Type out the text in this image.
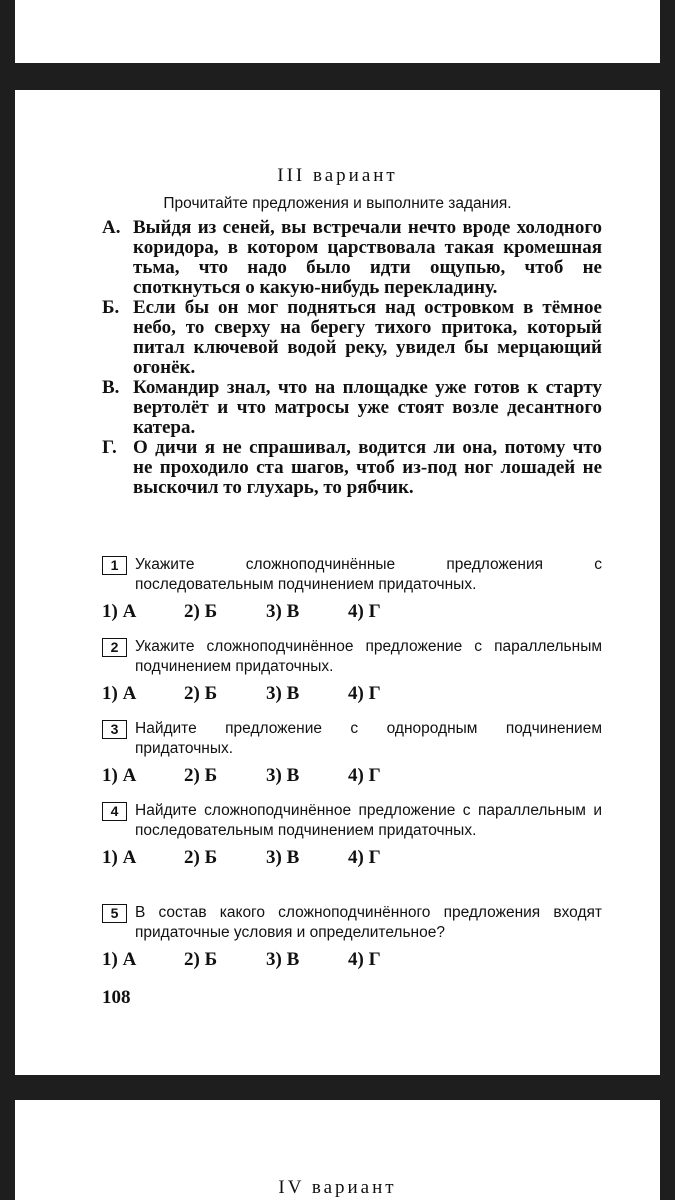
III вариант
Прочитайте предложения и выполните задания.
А. Выйдя из сеней, вы встречали нечто вроде холодного коридора, в котором царствовала такая кромешная тьма, что надо было идти ощупью, чтоб не споткнуться о какую-нибудь перекладину.
Б. Если бы он мог подняться над островком в тёмное небо, то сверху на берегу тихого притока, который питал ключевой водой реку, увидел бы мерцающий огонёк.
В. Командир знал, что на площадке уже готов к старту вертолёт и что матросы уже стоят возле десантного катера.
Г. О дичи я не спрашивал, водится ли она, потому что не проходило ста шагов, чтоб из-под ног лошадей не выскочил то глухарь, то рябчик.
1	Укажите сложноподчинённые предложения с последовательным подчинением придаточных.
1) А	2) Б	3) В	4) Г
2	Укажите сложноподчинённое предложение с параллельным подчинением придаточных.
1) А	2) Б	3) В	4) Г
3	Найдите предложение с однородным подчинением придаточных.
1) А	2) Б	3) В	4) Г
4	Найдите сложноподчинённое предложение с параллельным и последовательным подчинением придаточных.
1) А	2) Б	3) В	4) Г
5	В состав какого сложноподчинённого предложения входят придаточные условия и определительное?
1) А	2) Б	3) В	4) Г
108
IV вариант
